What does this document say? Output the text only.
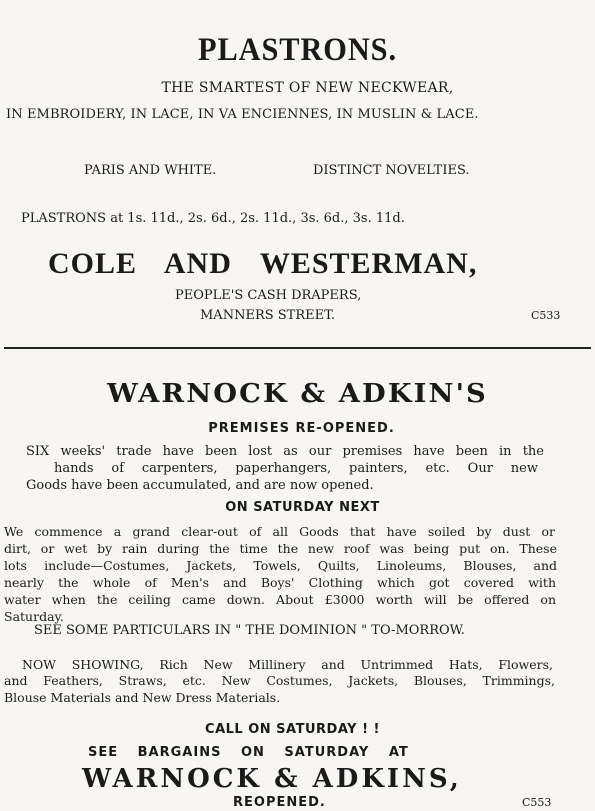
PLASTRONS.
THE SMARTEST OF NEW NECKWEAR,
IN EMBROIDERY, IN LACE, IN VA ENCIENNES, IN MUSLIN & LACE.
PARIS AND WHITE.	DISTINCT NOVELTIES.
PLASTRONS at 1s. 11d., 2s. 6d., 2s. 11d., 3s. 6d., 3s. 11d.
COLE AND WESTERMAN,
PEOPLE'S CASH DRAPERS,
MANNERS STREET.	C533
WARNOCK & ADKIN'S
PREMISES RE-OPENED.
SIX weeks' trade have been lost as our premises have been in the
hands of carpenters, paperhangers, painters, etc. Our new
Goods have been accumulated, and are now opened.
ON SATURDAY NEXT
We commence a grand clear-out of all Goods that have soiled by dust or
dirt, or wet by rain during the time the new roof was being put on. These
lots include—Costumes, Jackets, Towels, Quilts, Linoleums, Blouses, and
nearly the whole of Men's and Boys' Clothing which got covered with
water when the ceiling came down. About £3000 worth will be offered on
Saturday.
SEE SOME PARTICULARS IN " THE DOMINION " TO-MORROW.
NOW SHOWING, Rich New Millinery and Untrimmed Hats, Flowers,
and Feathers, Straws, etc. New Costumes, Jackets, Blouses, Trimmings,
Blouse Materials and New Dress Materials.
CALL ON SATURDAY ! !
SEE BARGAINS ON SATURDAY AT
WARNOCK & ADKINS,
REOPENED.	C553
